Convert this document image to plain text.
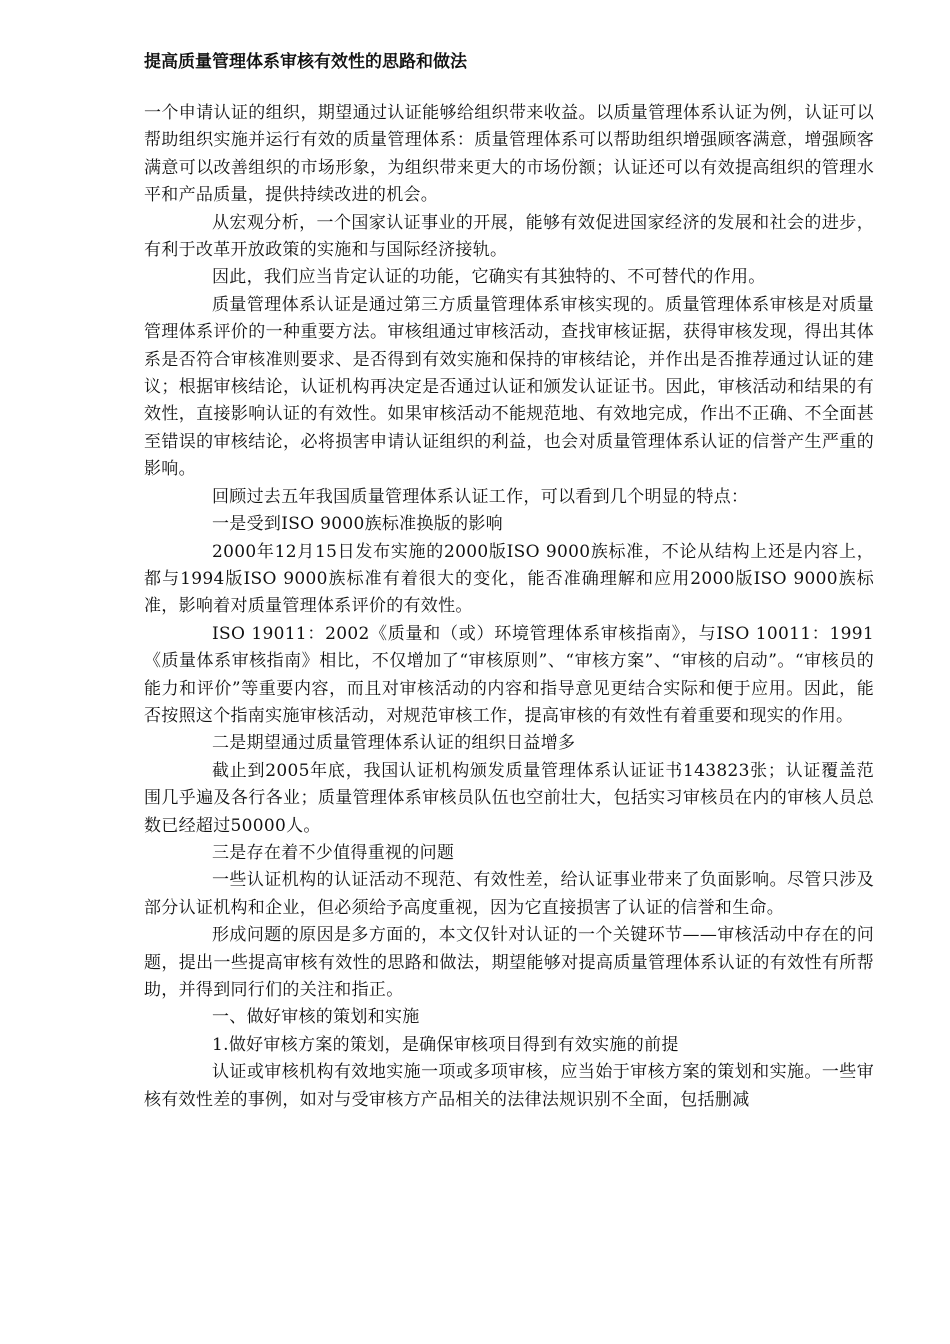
提高质量管理体系审核有效性的思路和做法

一个申请认证的组织，期望通过认证能够给组织带来收益。以质量管理体系认证为例，认证可以帮助组织实施并运行有效的质量管理体系：质量管理体系可以帮助组织增强顾客满意，增强顾客满意可以改善组织的市场形象，为组织带来更大的市场份额；认证还可以有效提高组织的管理水平和产品质量，提供持续改进的机会。

从宏观分析，一个国家认证事业的开展，能够有效促进国家经济的发展和社会的进步，有利于改革开放政策的实施和与国际经济接轨。

因此，我们应当肯定认证的功能，它确实有其独特的、不可替代的作用。

质量管理体系认证是通过第三方质量管理体系审核实现的。质量管理体系审核是对质量管理体系评价的一种重要方法。审核组通过审核活动，查找审核证据，获得审核发现，得出其体系是否符合审核准则要求、是否得到有效实施和保持的审核结论，并作出是否推荐通过认证的建议；根据审核结论，认证机构再决定是否通过认证和颁发认证证书。因此，审核活动和结果的有效性，直接影响认证的有效性。如果审核活动不能规范地、有效地完成，作出不正确、不全面甚至错误的审核结论，必将损害申请认证组织的利益，也会对质量管理体系认证的信誉产生严重的影响。

回顾过去五年我国质量管理体系认证工作，可以看到几个明显的特点：

一是受到ISO 9000族标准换版的影响

2000年12月15日发布实施的2000版ISO 9000族标准，不论从结构上还是内容上，都与1994版ISO 9000族标准有着很大的变化，能否准确理解和应用2000版ISO 9000族标准，影响着对质量管理体系评价的有效性。

ISO 19011：2002《质量和（或）环境管理体系审核指南》，与ISO 10011：1991《质量体系审核指南》相比，不仅增加了“审核原则”、“审核方案”、“审核的启动”。“审核员的能力和评价”等重要内容，而且对审核活动的内容和指导意见更结合实际和便于应用。因此，能否按照这个指南实施审核活动，对规范审核工作，提高审核的有效性有着重要和现实的作用。

二是期望通过质量管理体系认证的组织日益增多

截止到2005年底，我国认证机构颁发质量管理体系认证证书143823张；认证覆盖范围几乎遍及各行各业；质量管理体系审核员队伍也空前壮大，包括实习审核员在内的审核人员总数已经超过50000人。

三是存在着不少值得重视的问题

一些认证机构的认证活动不现范、有效性差，给认证事业带来了负面影响。尽管只涉及部分认证机构和企业，但必须给予高度重视，因为它直接损害了认证的信誉和生命。

形成问题的原因是多方面的，本文仅针对认证的一个关键环节——审核活动中存在的问题，提出一些提高审核有效性的思路和做法，期望能够对提高质量管理体系认证的有效性有所帮助，并得到同行们的关注和指正。

一、做好审核的策划和实施

1.做好审核方案的策划，是确保审核项目得到有效实施的前提

认证或审核机构有效地实施一项或多项审核，应当始于审核方案的策划和实施。一些审核有效性差的事例，如对与受审核方产品相关的法律法规识别不全面，包括删减
